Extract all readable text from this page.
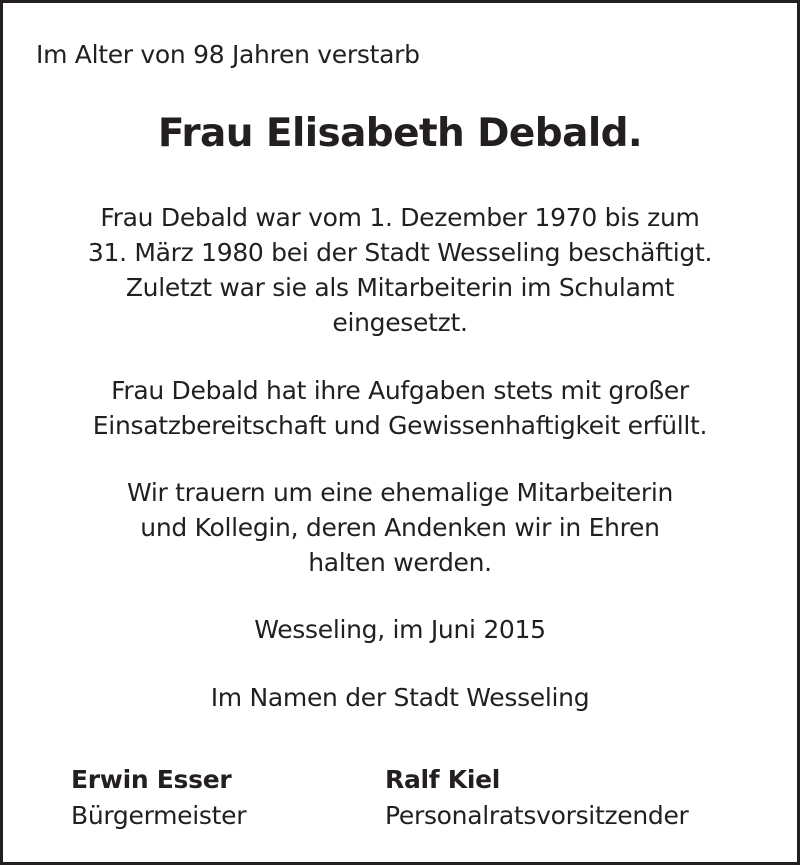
Im Alter von 98 Jahren verstarb
Frau Elisabeth Debald.
Frau Debald war vom 1. Dezember 1970 bis zum
31. März 1980 bei der Stadt Wesseling beschäftigt.
Zuletzt war sie als Mitarbeiterin im Schulamt
eingesetzt.
Frau Debald hat ihre Aufgaben stets mit großer
Einsatzbereitschaft und Gewissenhaftigkeit erfüllt.
Wir trauern um eine ehemalige Mitarbeiterin
und Kollegin, deren Andenken wir in Ehren
halten werden.
Wesseling, im Juni 2015
Im Namen der Stadt Wesseling
Erwin Esser
Bürgermeister
Ralf Kiel
Personalratsvorsitzender
